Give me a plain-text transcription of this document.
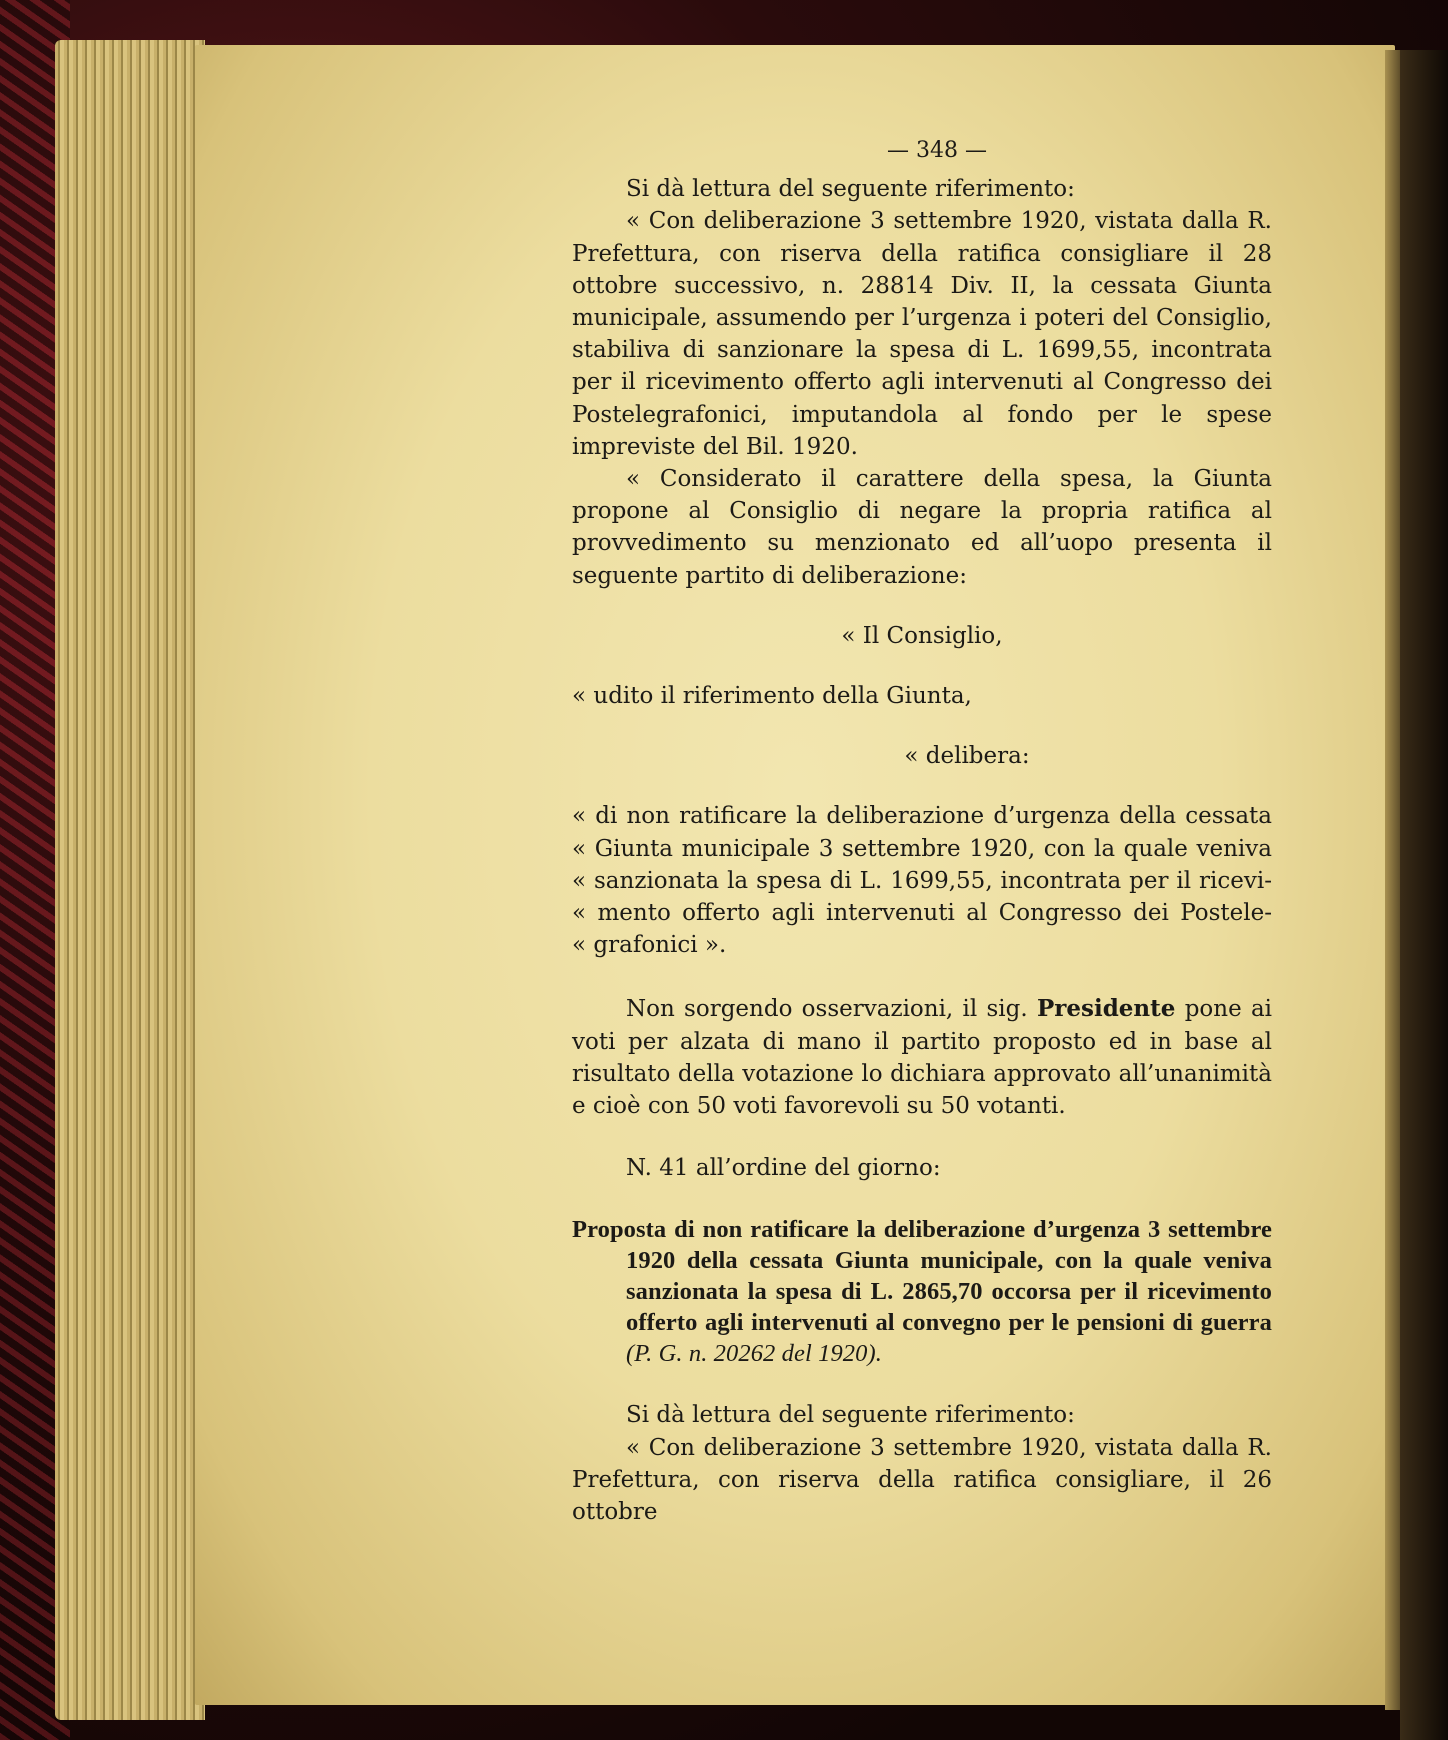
— 348 —

Si dà lettura del seguente riferimento:

« Con deliberazione 3 settembre 1920, vistata dalla R. Prefettura, con riserva della ratifica consigliare il 28 ottobre successivo, n. 28814 Div. II, la cessata Giunta municipale, assumendo per l’urgenza i poteri del Consiglio, stabiliva di sanzionare la spesa di L. 1699,55, incontrata per il ricevimento offerto agli intervenuti al Congresso dei Postelegrafonici, imputandola al fondo per le spese impreviste del Bil. 1920.

« Considerato il carattere della spesa, la Giunta propone al Consiglio di negare la propria ratifica al provvedimento su menzionato ed all’uopo presenta il seguente partito di deliberazione:

« Il Consiglio,

« udito il riferimento della Giunta,

« delibera:

« di non ratificare la deliberazione d’urgenza della cessata

« Giunta municipale 3 settembre 1920, con la quale veniva

« sanzionata la spesa di L. 1699,55, incontrata per il ricevi-

« mento offerto agli intervenuti al Congresso dei Postele-

« grafonici ».

Non sorgendo osservazioni, il sig. Presidente pone ai voti per alzata di mano il partito proposto ed in base al risultato della votazione lo dichiara approvato all’unanimità e cioè con 50 voti favorevoli su 50 votanti.

N. 41 all’ordine del giorno:

Proposta di non ratificare la deliberazione d’urgenza 3 settembre 1920 della cessata Giunta municipale, con la quale veniva sanzionata la spesa di L. 2865,70 occorsa per il ricevimento offerto agli intervenuti al convegno per le pensioni di guerra (P. G. n. 20262 del 1920).

Si dà lettura del seguente riferimento:

« Con deliberazione 3 settembre 1920, vistata dalla R. Prefettura, con riserva della ratifica consigliare, il 26 ottobre
